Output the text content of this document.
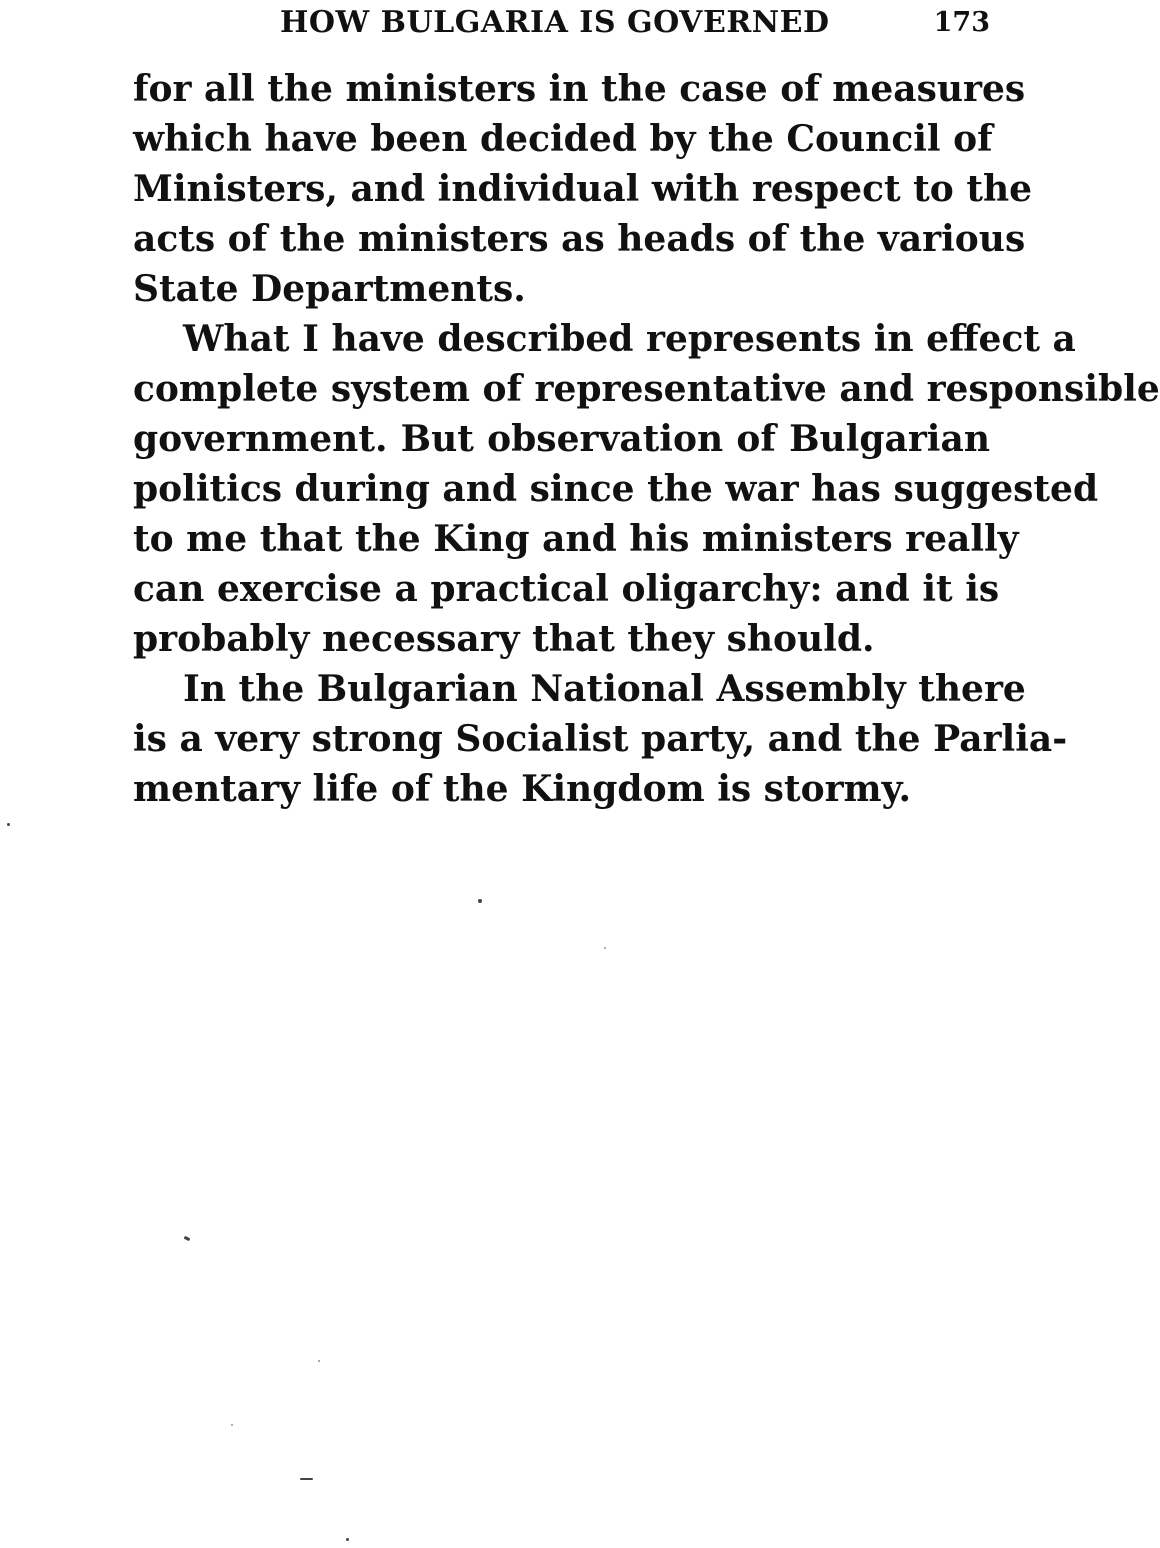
HOW BULGARIA IS GOVERNED	173
for all the ministers in the case of measures
which have been decided by the Council of
Ministers, and individual with respect to the
acts of the ministers as heads of the various
State Departments.
What I have described represents in effect a
complete system of representative and responsible
government. But observation of Bulgarian
politics during and since the war has suggested
to me that the King and his ministers really
can exercise a practical oligarchy: and it is
probably necessary that they should.
In the Bulgarian National Assembly there
is a very strong Socialist party, and the Parlia-
mentary life of the Kingdom is stormy.
